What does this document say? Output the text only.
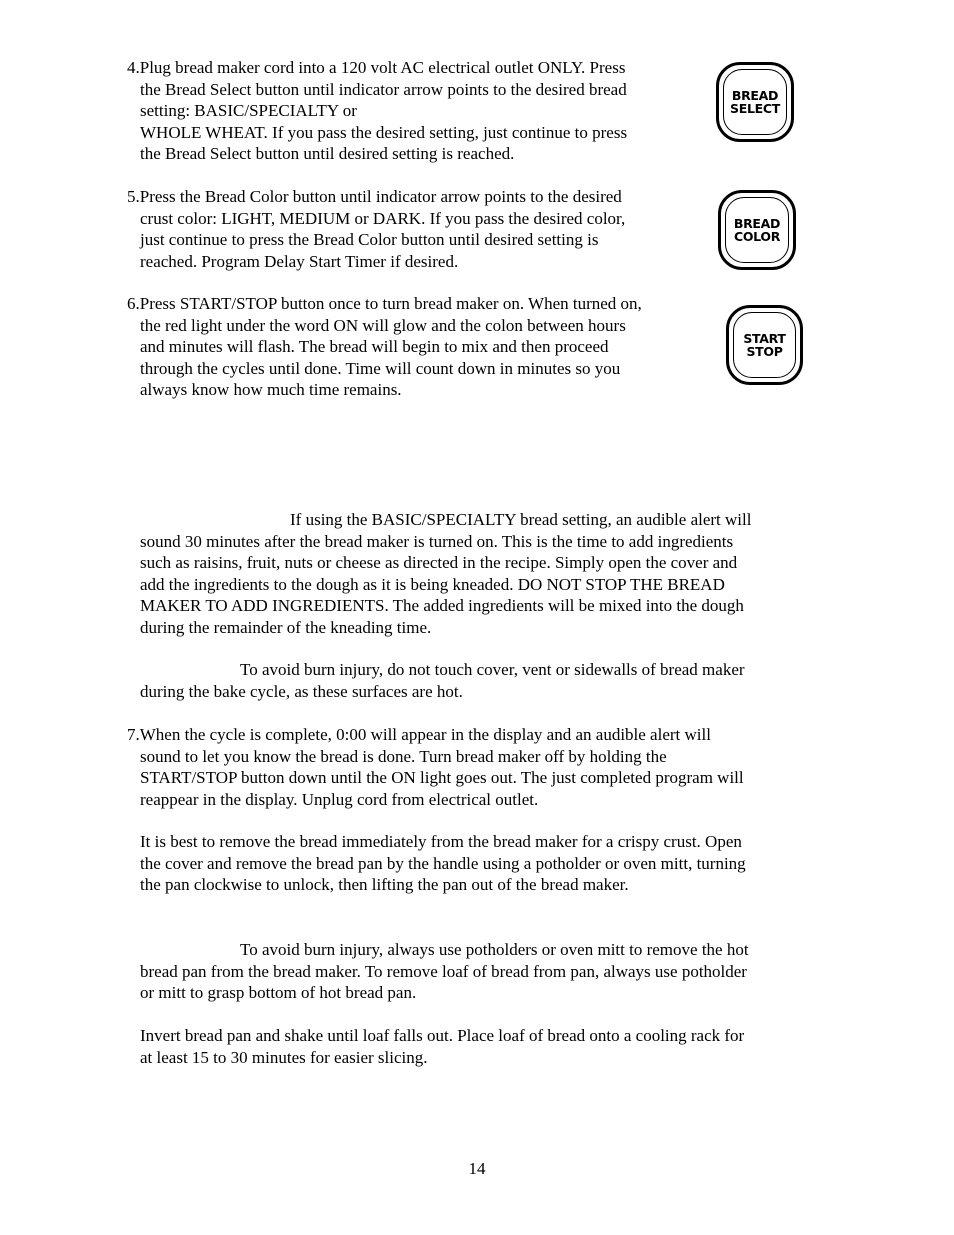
4.Plug bread maker cord into a 120 volt AC electrical outlet ONLY. Press
the Bread Select button until indicator arrow points to the desired bread
setting: BASIC/SPECIALTY or
WHOLE WHEAT. If you pass the desired setting, just continue to press
the Bread Select button until desired setting is reached.

BREAD
SELECT

5.Press the Bread Color button until indicator arrow points to the desired
crust color: LIGHT, MEDIUM or DARK. If you pass the desired color,
just continue to press the Bread Color button until desired setting is
reached. Program Delay Start Timer if desired.

BREAD
COLOR

6.Press START/STOP button once to turn bread maker on. When turned on,
the red light under the word ON will glow and the colon between hours
and minutes will flash. The bread will begin to mix and then proceed
through the cycles until done. Time will count down in minutes so you
always know how much time remains.

START
STOP

If using the BASIC/SPECIALTY bread setting, an audible alert will
sound 30 minutes after the bread maker is turned on. This is the time to add ingredients
such as raisins, fruit, nuts or cheese as directed in the recipe. Simply open the cover and
add the ingredients to the dough as it is being kneaded. DO NOT STOP THE BREAD
MAKER TO ADD INGREDIENTS. The added ingredients will be mixed into the dough
during the remainder of the kneading time.

To avoid burn injury, do not touch cover, vent or sidewalls of bread maker
during the bake cycle, as these surfaces are hot.

7.When the cycle is complete, 0:00 will appear in the display and an audible alert will
sound to let you know the bread is done. Turn bread maker off by holding the
START/STOP button down until the ON light goes out. The just completed program will
reappear in the display. Unplug cord from electrical outlet.

It is best to remove the bread immediately from the bread maker for a crispy crust. Open
the cover and remove the bread pan by the handle using a potholder or oven mitt, turning
the pan clockwise to unlock, then lifting the pan out of the bread maker.

To avoid burn injury, always use potholders or oven mitt to remove the hot
bread pan from the bread maker. To remove loaf of bread from pan, always use potholder
or mitt to grasp bottom of hot bread pan.

Invert bread pan and shake until loaf falls out. Place loaf of bread onto a cooling rack for
at least 15 to 30 minutes for easier slicing.

14
